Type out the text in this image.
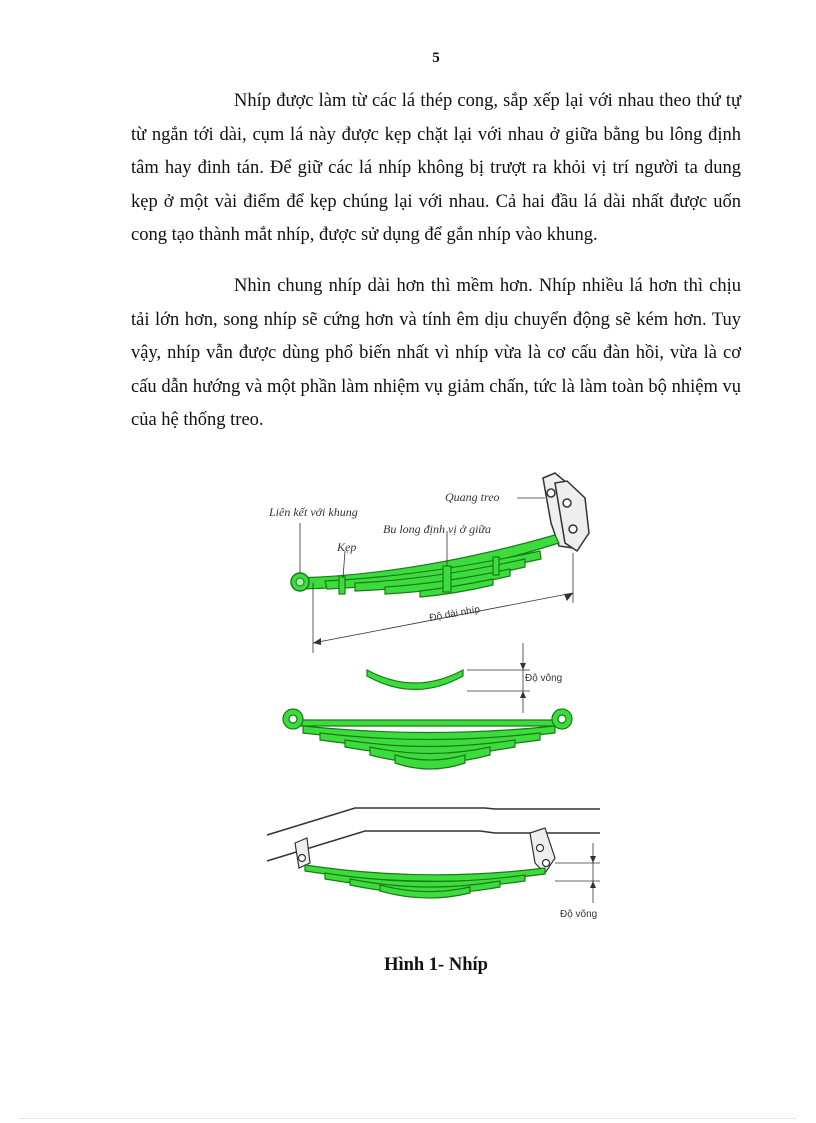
5

Nhíp được làm từ các lá thép cong, sắp xếp lại với nhau theo thứ tự từ ngắn tới dài, cụm lá này được kẹp chặt lại với nhau ở giữa bằng bu lông định tâm hay đinh tán. Để giữ các lá nhíp không bị trượt ra khỏi vị trí người ta dung kẹp ở một vài điểm để kẹp chúng lại với nhau. Cả hai đầu lá dài nhất được uốn cong tạo thành mắt nhíp, được sử dụng để gắn nhíp vào khung.

Nhìn chung nhíp dài hơn thì mềm hơn. Nhíp nhiều lá hơn thì chịu tải lớn hơn, song nhíp sẽ cứng hơn và tính êm dịu chuyển động sẽ kém hơn. Tuy vậy, nhíp vẫn được dùng phổ biến nhất vì nhíp vừa là cơ cấu đàn hồi, vừa là cơ cấu dẫn hướng và một phần làm nhiệm vụ giảm chấn, tức là làm toàn bộ nhiệm vụ của hệ thống treo.

Liên kết với khung
Quang treo
Bu long định vị ở giữa
Kẹp
Độ dài nhíp
Độ võng
Độ võng
Hình 1- Nhíp
